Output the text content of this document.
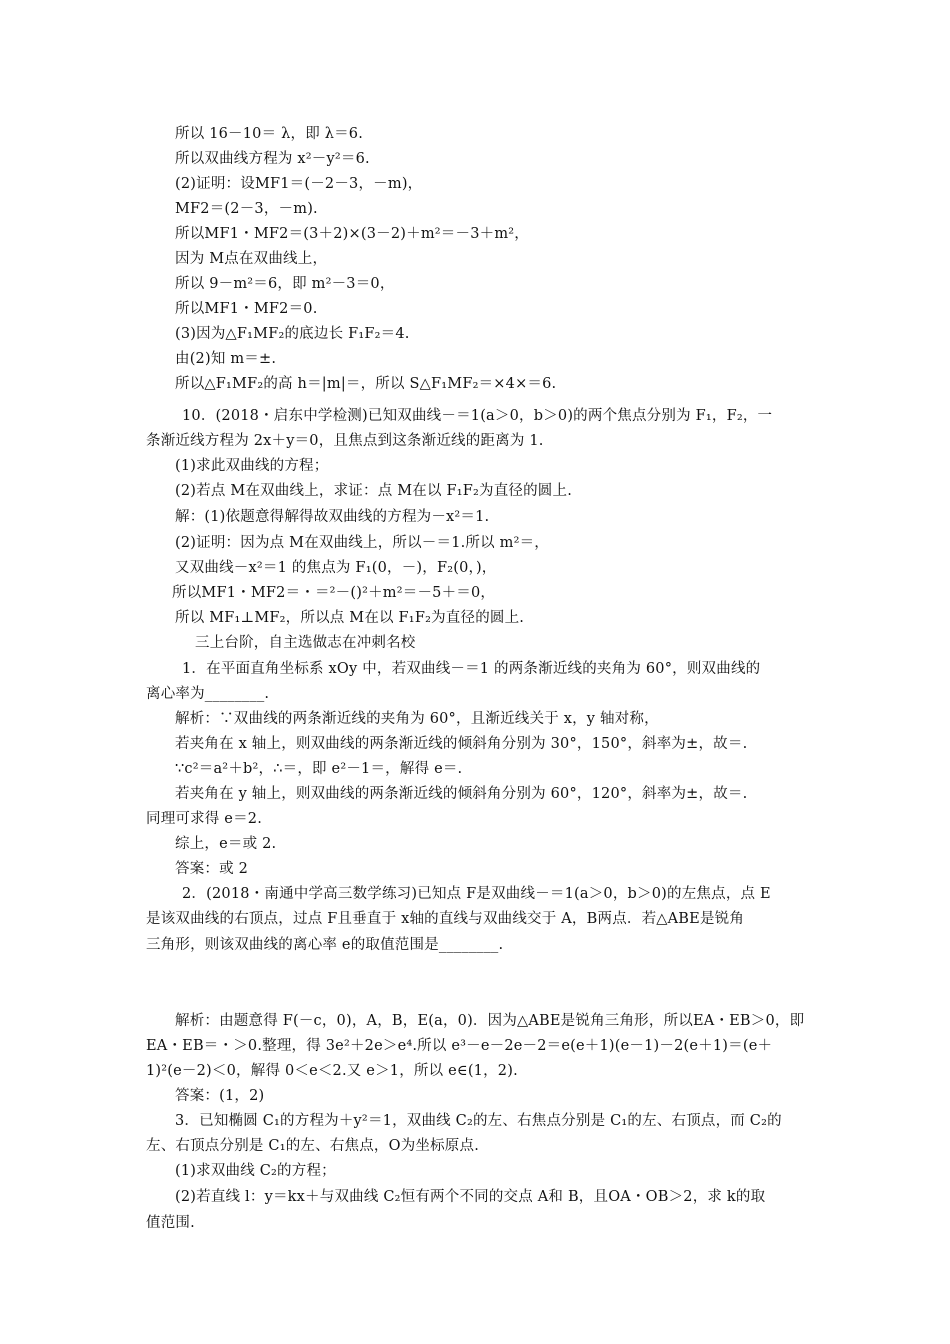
所以 16－10＝ λ，即 λ＝6.
所以双曲线方程为 x²－y²＝6.
(2)证明：设MF1＝(－2－3，－m)，
MF2＝(2－3，－m).
所以MF1・MF2＝(3＋2)×(3－2)＋m²＝－3＋m²，
因为 M点在双曲线上，
所以 9－m²＝6，即 m²－3＝0，
所以MF1・MF2＝0.
(3)因为△F₁MF₂的底边长 F₁F₂＝4.
由(2)知 m＝±.
所以△F₁MF₂的高 h＝|m|＝，所以 S△F₁MF₂＝×4×＝6.
10．(2018・启东中学检测)已知双曲线－＝1(a＞0，b＞0)的两个焦点分别为 F₁，F₂，一
条渐近线方程为 2x＋y＝0，且焦点到这条渐近线的距离为 1.
(1)求此双曲线的方程；
(2)若点 M在双曲线上，求证：点 M在以 F₁F₂为直径的圆上.
解：(1)依题意得解得故双曲线的方程为－x²＝1.
(2)证明：因为点 M在双曲线上，所以－＝1.所以 m²＝，
又双曲线－x²＝1 的焦点为 F₁(0，－)，F₂(0，)，
所以MF1・MF2＝・＝²－()²＋m²＝－5＋＝0，
所以 MF₁⊥MF₂，所以点 M在以 F₁F₂为直径的圆上.
三上台阶，自主选做志在冲刺名校
1．在平面直角坐标系 xOy 中，若双曲线－＝1 的两条渐近线的夹角为 60°，则双曲线的
离心率为________.
解析：∵双曲线的两条渐近线的夹角为 60°，且渐近线关于 x，y 轴对称，
若夹角在 x 轴上，则双曲线的两条渐近线的倾斜角分别为 30°，150°，斜率为±，故＝.
∵c²＝a²＋b²，∴＝，即 e²－1＝，解得 e＝.
若夹角在 y 轴上，则双曲线的两条渐近线的倾斜角分别为 60°，120°，斜率为±，故＝.
同理可求得 e＝2.
综上，e＝或 2.
答案：或 2
2．(2018・南通中学高三数学练习)已知点 F是双曲线－＝1(a＞0，b＞0)的左焦点，点 E
是该双曲线的右顶点，过点 F且垂直于 x轴的直线与双曲线交于 A，B两点．若△ABE是锐角
三角形，则该双曲线的离心率 e的取值范围是________.
解析：由题意得 F(－c，0)，A，B，E(a，0)．因为△ABE是锐角三角形，所以EA・EB＞0，即
EA・EB＝・＞0.整理，得 3e²＋2e＞e⁴.所以 e³－e－2e－2＝e(e＋1)(e－1)－2(e＋1)＝(e＋
1)²(e－2)＜0，解得 0＜e＜2.又 e＞1，所以 e∈(1，2).
答案：(1，2)
3．已知椭圆 C₁的方程为＋y²＝1，双曲线 C₂的左、右焦点分别是 C₁的左、右顶点，而 C₂的
左、右顶点分别是 C₁的左、右焦点，O为坐标原点.
(1)求双曲线 C₂的方程；
(2)若直线 l：y＝kx＋与双曲线 C₂恒有两个不同的交点 A和 B，且OA・OB＞2，求 k的取
值范围.
